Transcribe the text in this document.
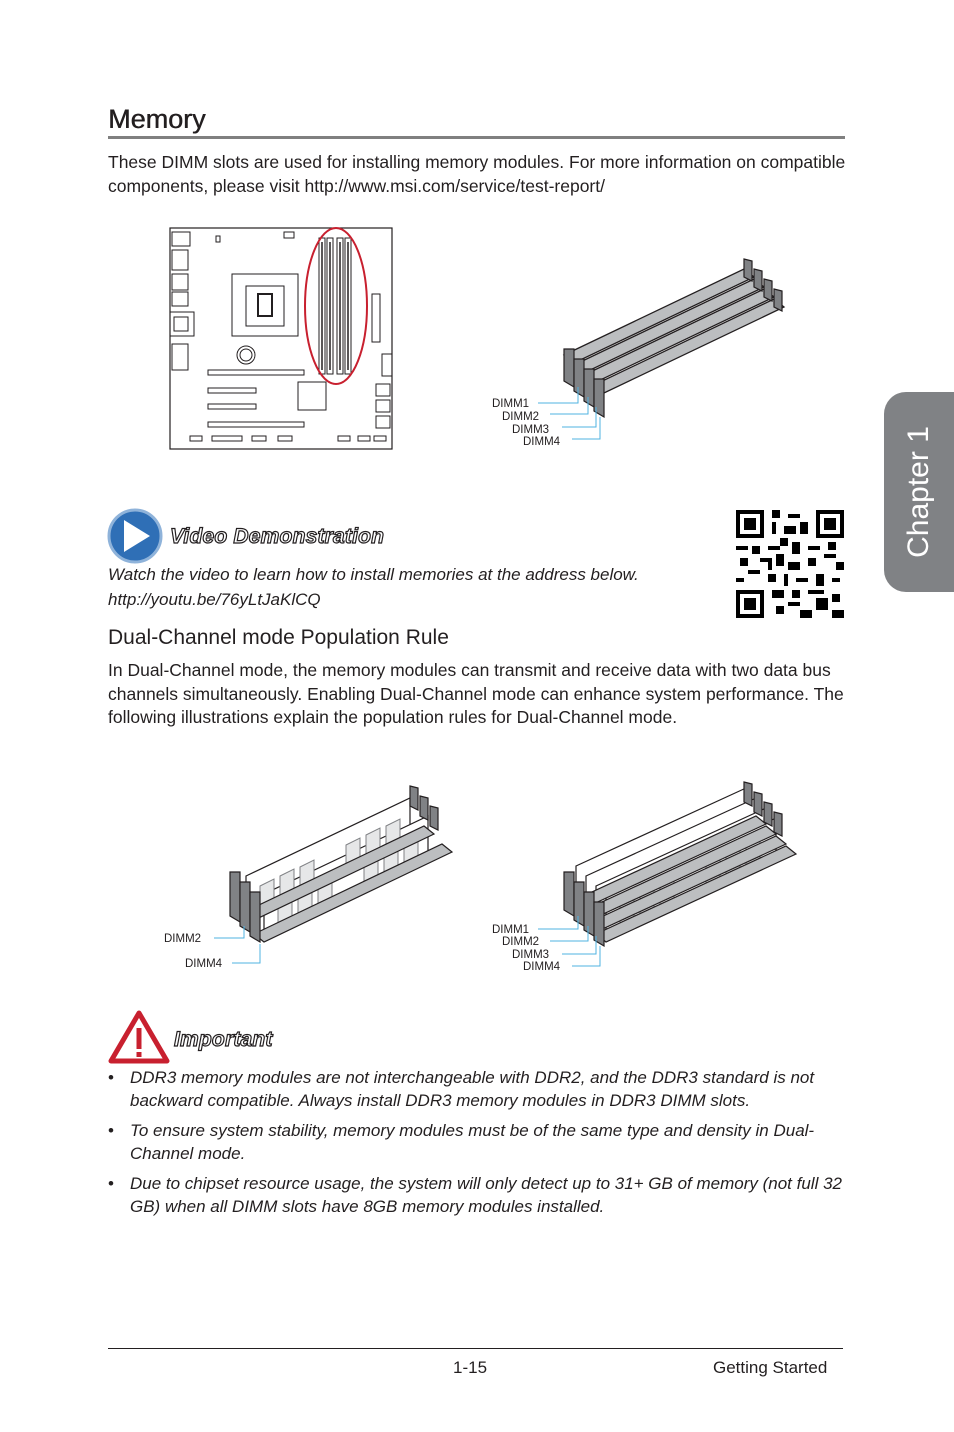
Chapter 1
Memory
These DIMM slots are used for installing memory modules. For more information on compatible components, please visit http://www.msi.com/service/test-report/
DIMM1
DIMM2
DIMM3
DIMM4
Video Demonstration
Watch the video to learn how to install memories at the address below.
http://youtu.be/76yLtJaKlCQ
Dual-Channel mode Population Rule
In Dual-Channel mode, the memory modules can transmit and receive data with two data bus channels simultaneously. Enabling Dual-Channel mode can enhance system performance. The following illustrations explain the population rules for Dual-Channel mode.
DIMM2
DIMM4
DIMM1
DIMM2
DIMM3
DIMM4
Important
• DDR3 memory modules are not interchangeable with DDR2, and the DDR3 standard is not backward compatible. Always install DDR3 memory modules in DDR3 DIMM slots.
• To ensure system stability, memory modules must be of the same type and density in Dual-Channel mode.
• Due to chipset resource usage, the system will only detect up to 31+ GB of memory (not full 32 GB) when all DIMM slots have 8GB memory modules installed.
1-15	Getting Started
